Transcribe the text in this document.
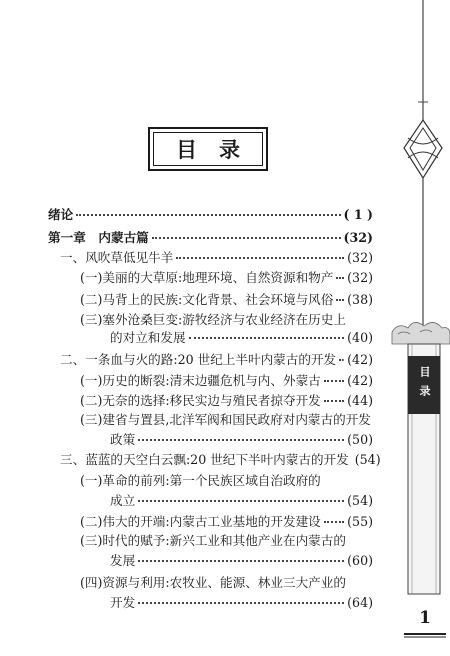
目录
绪论	( 1 )
第一章　内蒙古篇	(32)
一、风吹草低见牛羊	(32)
(一)美丽的大草原:地理环境、自然资源和物产 (32)
(二)马背上的民族:文化背景、社会环境与风俗 (38)
(三)塞外沧桑巨变:游牧经济与农业经济在历史上
的对立和发展	(40)
二、一条血与火的路:20 世纪上半叶内蒙古的开发 (42)
(一)历史的断裂:清末边疆危机与内、外蒙古 (42)
(二)无奈的选择:移民实边与殖民者掠夺开发 (44)
(三)建省与置县,北洋军阀和国民政府对内蒙古的开发
政策	(50)
三、蓝蓝的天空白云飘:20 世纪下半叶内蒙古的开发 (54)
(一)革命的前列:第一个民族区域自治政府的
成立	(54)
(二)伟大的开端:内蒙古工业基地的开发建设 (55)
(三)时代的赋予:新兴工业和其他产业在内蒙古的
发展	(60)
(四)资源与利用:农牧业、能源、林业三大产业的
开发	(64)
目录
1
